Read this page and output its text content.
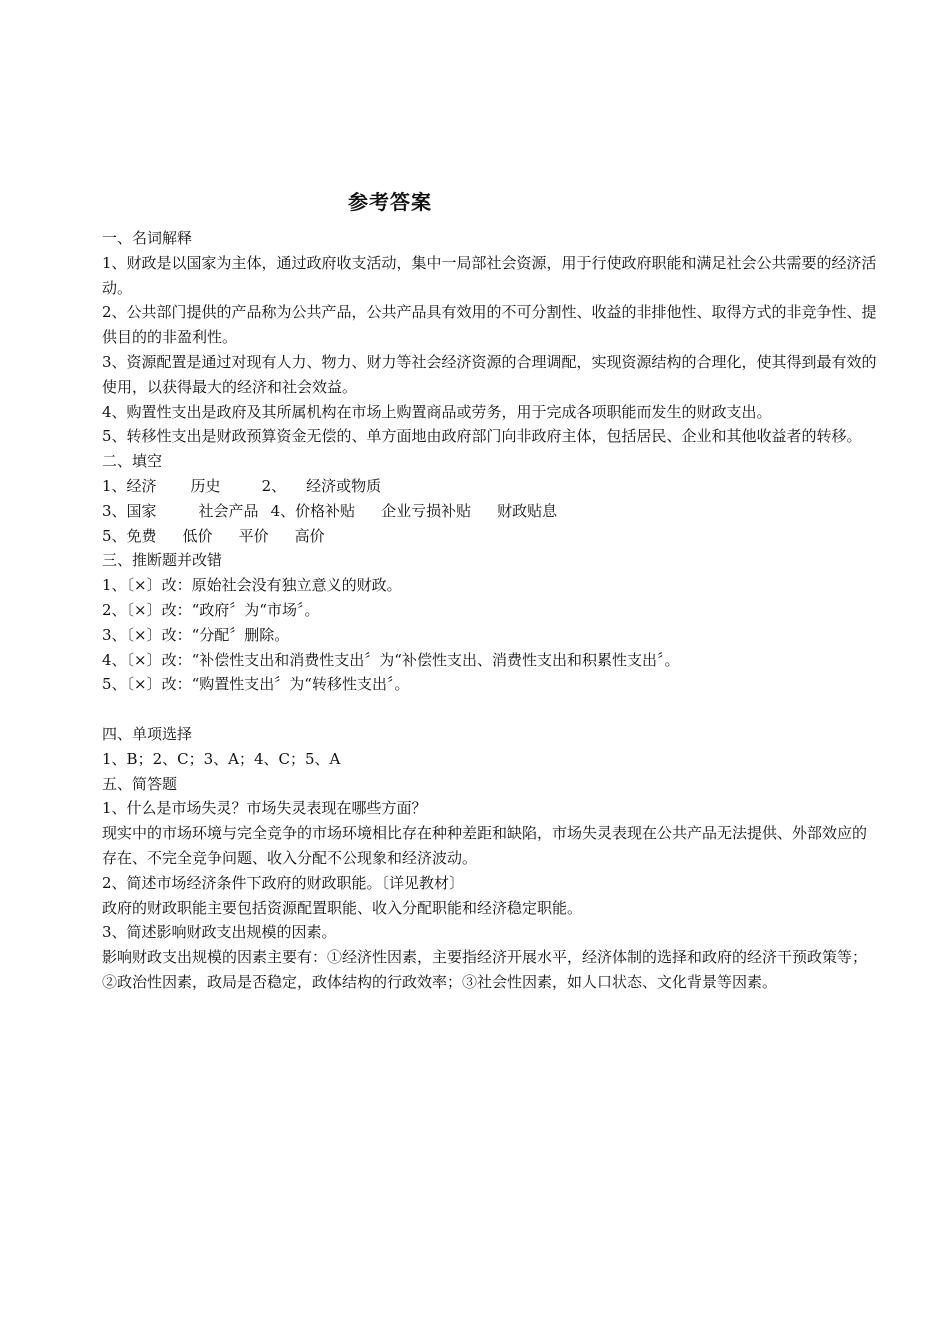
参考答案
一、名词解释
1、财政是以国家为主体，通过政府收支活动，集中一局部社会资源，用于行使政府职能和满足社会公共需要的经济活动。
2、公共部门提供的产品称为公共产品，公共产品具有效用的不可分割性、收益的非排他性、取得方式的非竞争性、提供目的的非盈利性。
3、资源配置是通过对现有人力、物力、财力等社会经济资源的合理调配，实现资源结构的合理化，使其得到最有效的使用，以获得最大的经济和社会效益。
4、购置性支出是政府及其所属机构在市场上购置商品或劳务，用于完成各项职能而发生的财政支出。
5、转移性支出是财政预算资金无偿的、单方面地由政府部门向非政府主体，包括居民、企业和其他收益者的转移。
二、填空
1、经济 历史	2、 经济或物质
3、国家	社会产品 4、价格补贴 企业亏损补贴 财政贴息
5、免费 低价 平价 高价
三、推断题并改错
1、〔×〕改：原始社会没有独立意义的财政。
2、〔×〕改：“政府〞为“市场〞。
3、〔×〕改：“分配〞删除。
4、〔×〕改：“补偿性支出和消费性支出〞为“补偿性支出、消费性支出和积累性支出〞。
5、〔×〕改：“购置性支出〞为“转移性支出〞。
四、单项选择
1、B；2、C；3、A；4、C；5、A
五、简答题
1、什么是市场失灵？市场失灵表现在哪些方面？
现实中的市场环境与完全竞争的市场环境相比存在种种差距和缺陷，市场失灵表现在公共产品无法提供、外部效应的存在、不完全竞争问题、收入分配不公现象和经济波动。
2、简述市场经济条件下政府的财政职能。〔详见教材〕
政府的财政职能主要包括资源配置职能、收入分配职能和经济稳定职能。
3、简述影响财政支出规模的因素。
影响财政支出规模的因素主要有：①经济性因素，主要指经济开展水平，经济体制的选择和政府的经济干预政策等；②政治性因素，政局是否稳定，政体结构的行政效率；③社会性因素，如人口状态、文化背景等因素。
